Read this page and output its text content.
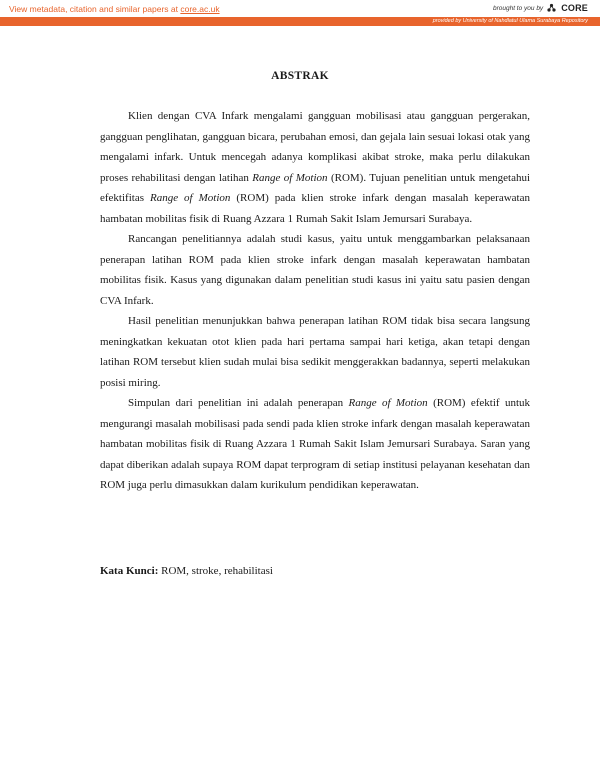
View metadata, citation and similar papers at core.ac.uk	brought to you by CORE
provided by University of Nahdlatul Ulama Surabaya Repository
ABSTRAK

Klien dengan CVA Infark mengalami gangguan mobilisasi atau gangguan pergerakan, gangguan penglihatan, gangguan bicara, perubahan emosi, dan gejala lain sesuai lokasi otak yang mengalami infark. Untuk mencegah adanya komplikasi akibat stroke, maka perlu dilakukan proses rehabilitasi dengan latihan Range of Motion (ROM). Tujuan penelitian untuk mengetahui efektifitas Range of Motion (ROM) pada klien stroke infark dengan masalah keperawatan hambatan mobilitas fisik di Ruang Azzara 1 Rumah Sakit Islam Jemursari Surabaya.

Rancangan penelitiannya adalah studi kasus, yaitu untuk menggambarkan pelaksanaan penerapan latihan ROM pada klien stroke infark dengan masalah keperawatan hambatan mobilitas fisik. Kasus yang digunakan dalam penelitian studi kasus ini yaitu satu pasien dengan CVA Infark.

Hasil penelitian menunjukkan bahwa penerapan latihan ROM tidak bisa secara langsung meningkatkan kekuatan otot klien pada hari pertama sampai hari ketiga, akan tetapi dengan latihan ROM tersebut klien sudah mulai bisa sedikit menggerakkan badannya, seperti melakukan posisi miring.

Simpulan dari penelitian ini adalah penerapan Range of Motion (ROM) efektif untuk mengurangi masalah mobilisasi pada sendi pada klien stroke infark dengan masalah keperawatan hambatan mobilitas fisik di Ruang Azzara 1 Rumah Sakit Islam Jemursari Surabaya. Saran yang dapat diberikan adalah supaya ROM dapat terprogram di setiap institusi pelayanan kesehatan dan ROM juga perlu dimasukkan dalam kurikulum pendidikan keperawatan.

Kata Kunci: ROM, stroke, rehabilitasi
